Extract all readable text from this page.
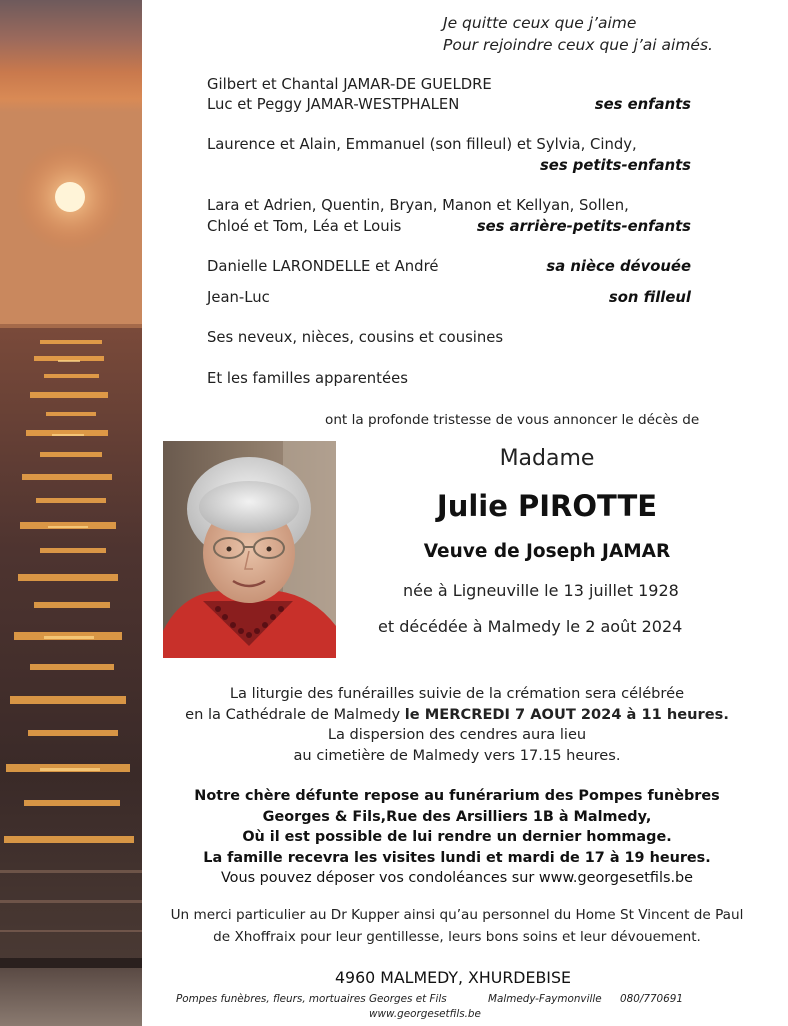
Je quitte ceux que j’aime
Pour rejoindre ceux que j’ai aimés.
Gilbert et Chantal JAMAR-DE GUELDRE
Luc et Peggy JAMAR-WESTPHALEN	ses enfants
Laurence et Alain, Emmanuel (son filleul) et Sylvia, Cindy,
ses petits-enfants
Lara et Adrien, Quentin, Bryan, Manon et Kellyan, Sollen,
Chloé et Tom, Léa et Louis	ses arrière-petits-enfants
Danielle LARONDELLE et André	sa nièce dévouée
Jean-Luc	son filleul
Ses neveux, nièces, cousins et cousines
Et les familles apparentées
ont la profonde tristesse de vous annoncer le décès de
Madame
Julie PIROTTE
Veuve de Joseph JAMAR
née à Ligneuville le 13 juillet 1928
et décédée à Malmedy le 2 août 2024
La liturgie des funérailles suivie de la crémation sera célébrée
en la Cathédrale de Malmedy le MERCREDI 7 AOUT 2024 à 11 heures.
La dispersion des cendres aura lieu
au cimetière de Malmedy vers 17.15 heures.
Notre chère défunte repose au funérarium des Pompes funèbres
Georges & Fils,Rue des Arsilliers 1B à Malmedy,
Où il est possible de lui rendre un dernier hommage.
La famille recevra les visites lundi et mardi de 17 à 19 heures.
Vous pouvez déposer vos condoléances sur www.georgesetfils.be
Un merci particulier au Dr Kupper ainsi qu’au personnel du Home St Vincent de Paul
de Xhoffraix pour leur gentillesse, leurs bons soins et leur dévouement.
4960 MALMEDY, XHURDEBISE
Pompes funèbres, fleurs, mortuaires Georges et Fils	Malmedy-Faymonville 080/770691
www.georgesetfils.be
